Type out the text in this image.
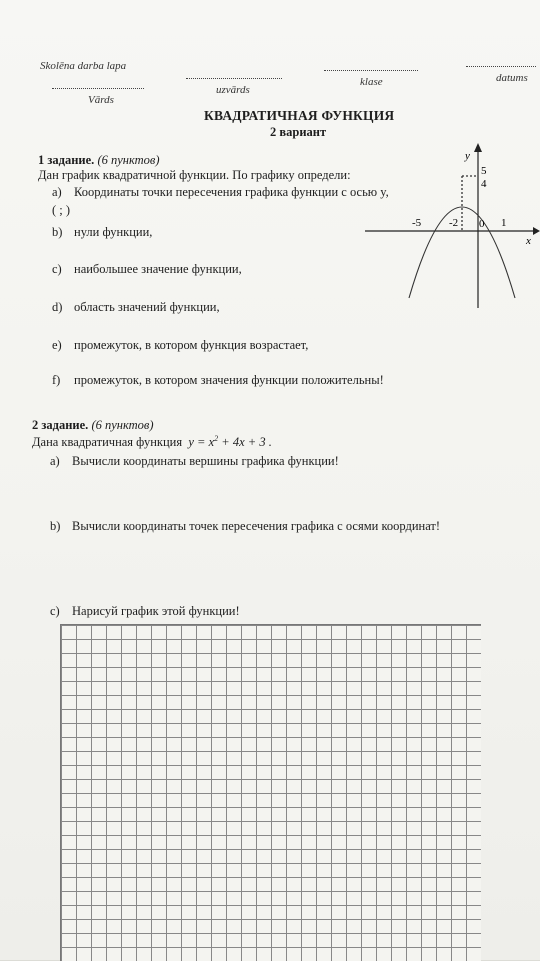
Skolēna darba lapa
Vārds
uzvārds
klase	datums
КВАДРАТИЧНАЯ ФУНКЦИЯ
2 вариант
1 задание. (6 пунктов)
Дан график квадратичной функции. По графику определи:
a) Координаты точки пересечения графика функции с осью y,
( ; )
b) нули функции,
c) наибольшее значение функции,
d) область значений функции,
e) промежуток, в котором функция возрастает,
f) промежуток, в котором значения функции положительны!
y
x
5
4
-5	-2 0 1
2 задание. (6 пунктов)
Дана квадратичная функция  $y = x^2 + 4x + 3$ .
a) Вычисли координаты вершины графика функции!
b) Вычисли координаты точек пересечения графика с осями координат!
c) Нарисуй график этой функции!
